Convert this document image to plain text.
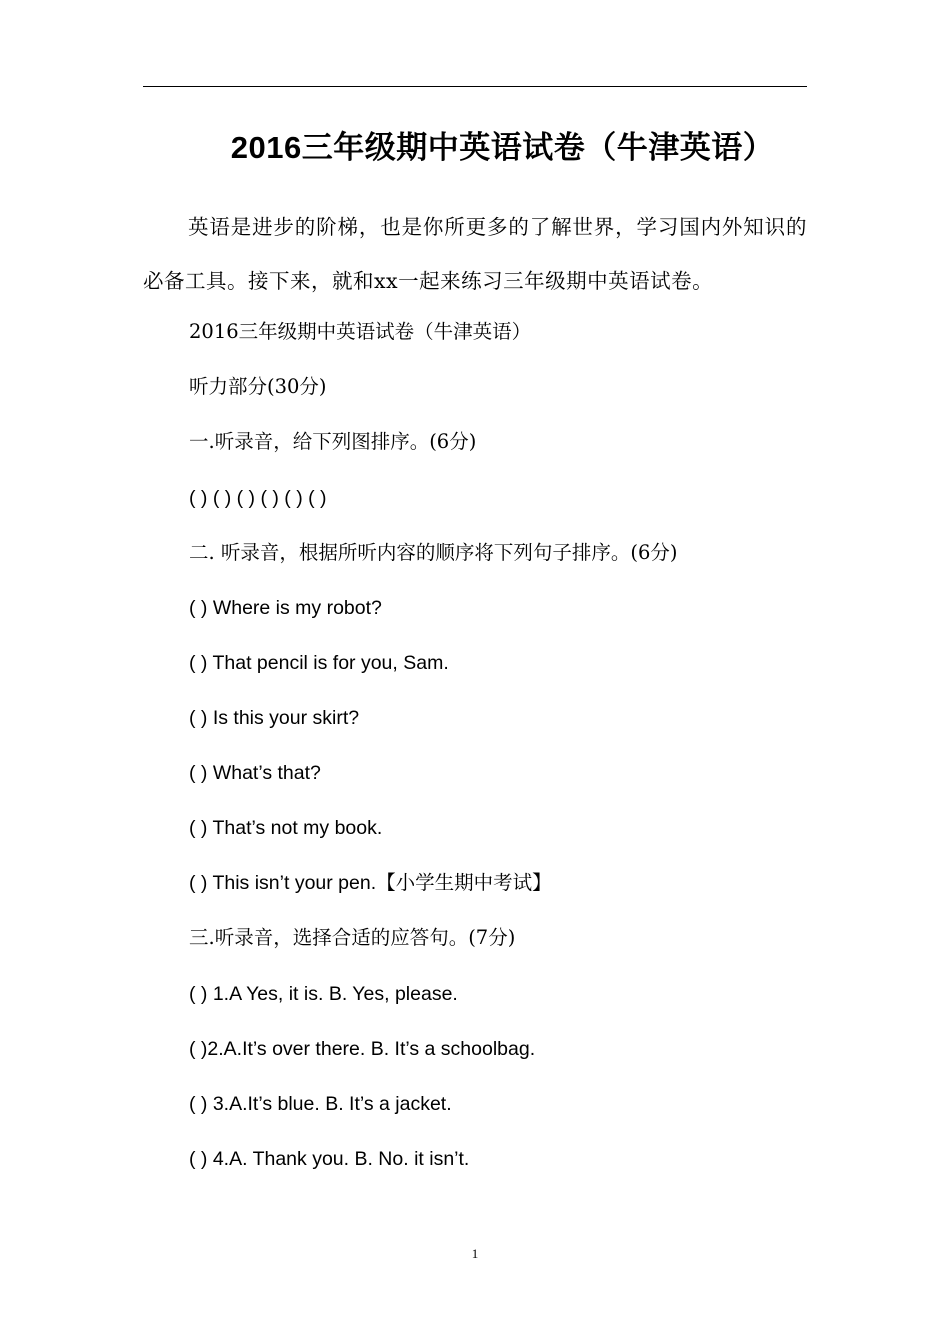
2016三年级期中英语试卷（牛津英语）
英语是进步的阶梯，也是你所更多的了解世界，学习国内外知识的必备工具。接下来，就和xx一起来练习三年级期中英语试卷。
2016三年级期中英语试卷（牛津英语）
听力部分(30分)
一.听录音，给下列图排序。(6分)
( ) ( ) ( ) ( ) ( ) ( )
二. 听录音，根据所听内容的顺序将下列句子排序。(6分)
( ) Where is my robot?
( ) That pencil is for you, Sam.
( ) Is this your skirt?
( ) What’s that?
( ) That’s not my book.
( ) This isn’t your pen.【小学生期中考试】
三.听录音，选择合适的应答句。(7分)
( ) 1.A Yes, it is. B. Yes, please.
( )2.A.It’s over there. B. It’s a schoolbag.
( ) 3.A.It’s blue. B. It’s a jacket.
( ) 4.A. Thank you. B. No. it isn’t.
1
